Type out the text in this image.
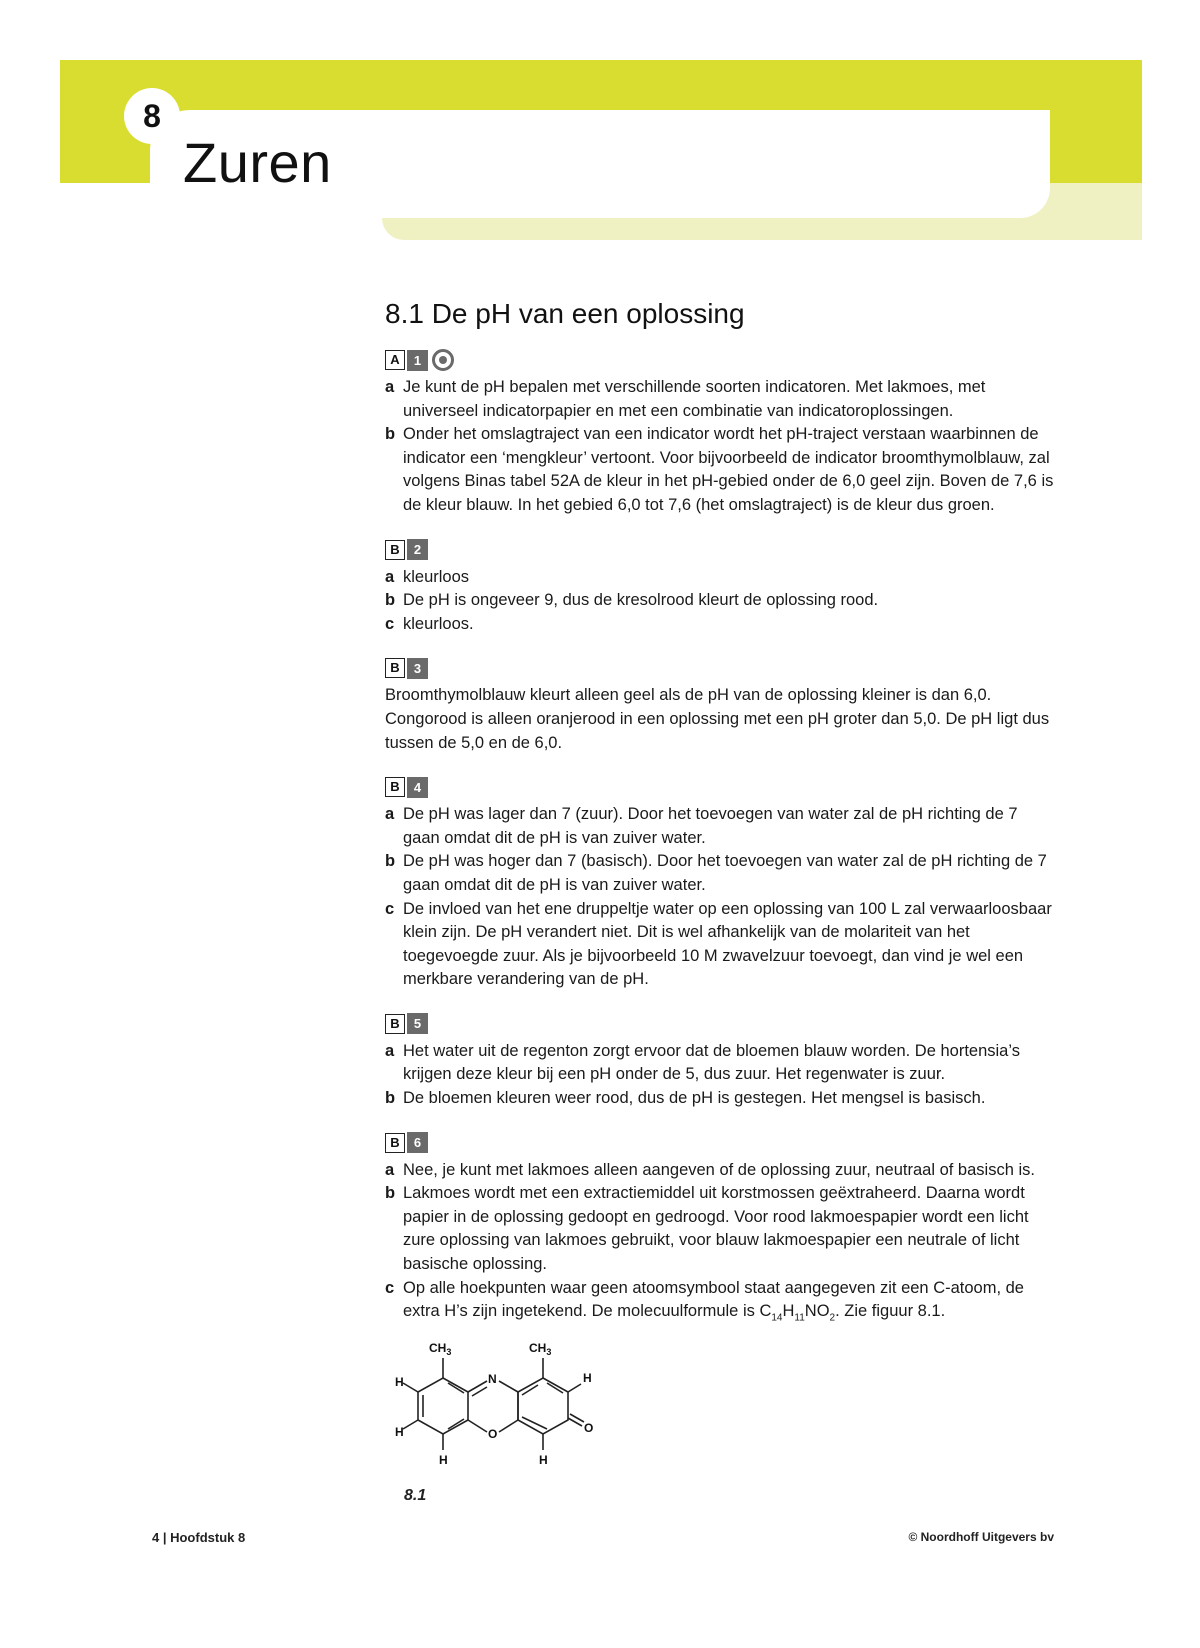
8
Zuren
8.1 De pH van een oplossing
A	1
a Je kunt de pH bepalen met verschillende soorten indicatoren. Met lakmoes, met universeel indicatorpapier en met een combinatie van indicatoroplossingen.
b Onder het omslagtraject van een indicator wordt het pH-traject verstaan waarbinnen de indicator een ‘mengkleur’ vertoont. Voor bijvoorbeeld de indicator broomthymolblauw, zal volgens Binas tabel 52A de kleur in het pH-gebied onder de 6,0 geel zijn. Boven de 7,6 is de kleur blauw. In het gebied 6,0 tot 7,6 (het omslagtraject) is de kleur dus groen.
B	2
a kleurloos
b De pH is ongeveer 9, dus de kresolrood kleurt de oplossing rood.
c kleurloos.
B	3

Broomthymolblauw kleurt alleen geel als de pH van de oplossing kleiner is dan 6,0. Congorood is alleen oranjerood in een oplossing met een pH groter dan 5,0. De pH ligt dus tussen de 5,0 en de 6,0.

B	4
a De pH was lager dan 7 (zuur). Door het toevoegen van water zal de pH richting de 7 gaan omdat dit de pH is van zuiver water.
b De pH was hoger dan 7 (basisch). Door het toevoegen van water zal de pH richting de 7 gaan omdat dit de pH is van zuiver water.
c De invloed van het ene druppeltje water op een oplossing van 100 L zal verwaarloosbaar klein zijn. De pH verandert niet. Dit is wel afhankelijk van de molariteit van het toegevoegde zuur. Als je bijvoorbeeld 10 M zwavelzuur toevoegt, dan vind je wel een merkbare verandering van de pH.
B	5
a Het water uit de regenton zorgt ervoor dat de bloemen blauw worden. De hortensia’s krijgen deze kleur bij een pH onder de 5, dus zuur. Het regenwater is zuur.
b De bloemen kleuren weer rood, dus de pH is gestegen. Het mengsel is basisch.
B	6
a Nee, je kunt met lakmoes alleen aangeven of de oplossing zuur, neutraal of basisch is.
b Lakmoes wordt met een extractiemiddel uit korstmossen geëxtraheerd. Daarna wordt papier in de oplossing gedoopt en gedroogd. Voor rood lakmoespapier wordt een licht zure oplossing van lakmoes gebruikt, voor blauw lakmoespapier een neutrale of licht basische oplossing.
c Op alle hoekpunten waar geen atoomsymbool staat aangegeven zit een C-atoom, de extra H’s zijn ingetekend. De molecuulformule is $C_{14}H_{11}NO_2$. Zie figuur 8.1.
$CH_3$	$CH_3$
N
O	O
H
H
H	H
H
8.1
4 | Hoofdstuk 8	© Noordhoff Uitgevers bv
